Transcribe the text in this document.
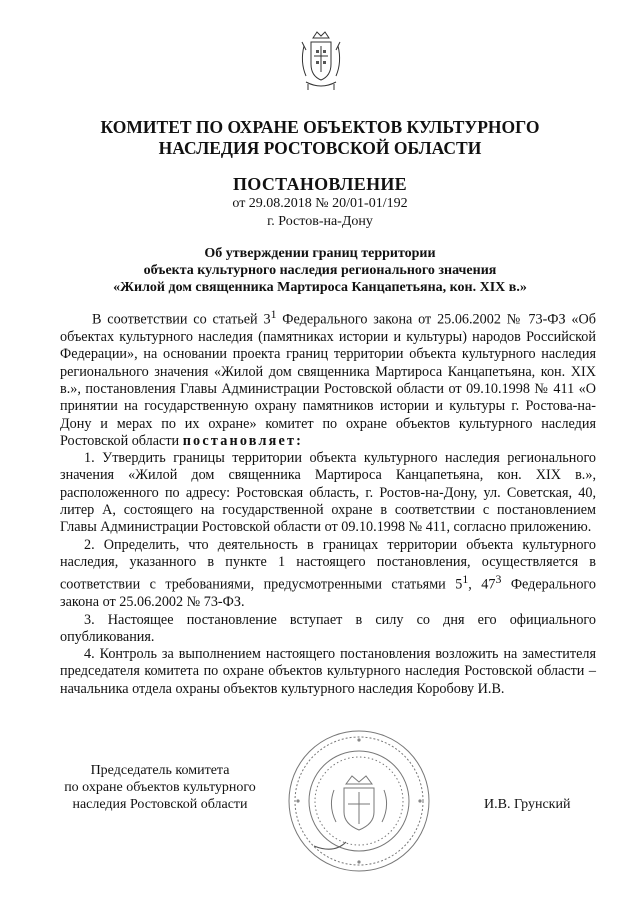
КОМИТЕТ ПО ОХРАНЕ ОБЪЕКТОВ КУЛЬТУРНОГО
НАСЛЕДИЯ РОСТОВСКОЙ ОБЛАСТИ
ПОСТАНОВЛЕНИЕ
от 29.08.2018 № 20/01-01/192
г. Ростов-на-Дону
Об утверждении границ территории
объекта культурного наследия регионального значения
«Жилой дом священника Мартироса Канцапетьяна, кон. XIX в.»

В соответствии со статьей $3^1$ Федерального закона от 25.06.2002 № 73-ФЗ «Об объектах культурного наследия (памятниках истории и культуры) народов Российской Федерации», на основании проекта границ территории объекта культурного наследия регионального значения «Жилой дом священника Мартироса Канцапетьяна, кон. XIX в.», постановления Главы Администрации Ростовской области от 09.10.1998 № 411 «О принятии на государственную охрану памятников истории и культуры г. Ростова-на-Дону и мерах по их охране» комитет по охране объектов культурного наследия Ростовской области постановляет:

1. Утвердить границы территории объекта культурного наследия регионального значения «Жилой дом священника Мартироса Канцапетьяна, кон. XIX в.», расположенного по адресу: Ростовская область, г. Ростов-на-Дону, ул. Советская, 40, литер А, состоящего на государственной охране в соответствии с постановлением Главы Администрации Ростовской области от 09.10.1998 № 411, согласно приложению.

2. Определить, что деятельность в границах территории объекта культурного наследия, указанного в пункте 1 настоящего постановления, осуществляется в соответствии с требованиями, предусмотренными статьями $5^1$, $47^3$ Федерального закона от 25.06.2002 № 73-ФЗ.

3. Настоящее постановление вступает в силу со дня его официального опубликования.

4. Контроль за выполнением настоящего постановления возложить на заместителя председателя комитета по охране объектов культурного наследия Ростовской области – начальника отдела охраны объектов культурного наследия Коробову И.В.

Председатель комитета
по охране объектов культурного
наследия Ростовской области	И.В. Грунский
